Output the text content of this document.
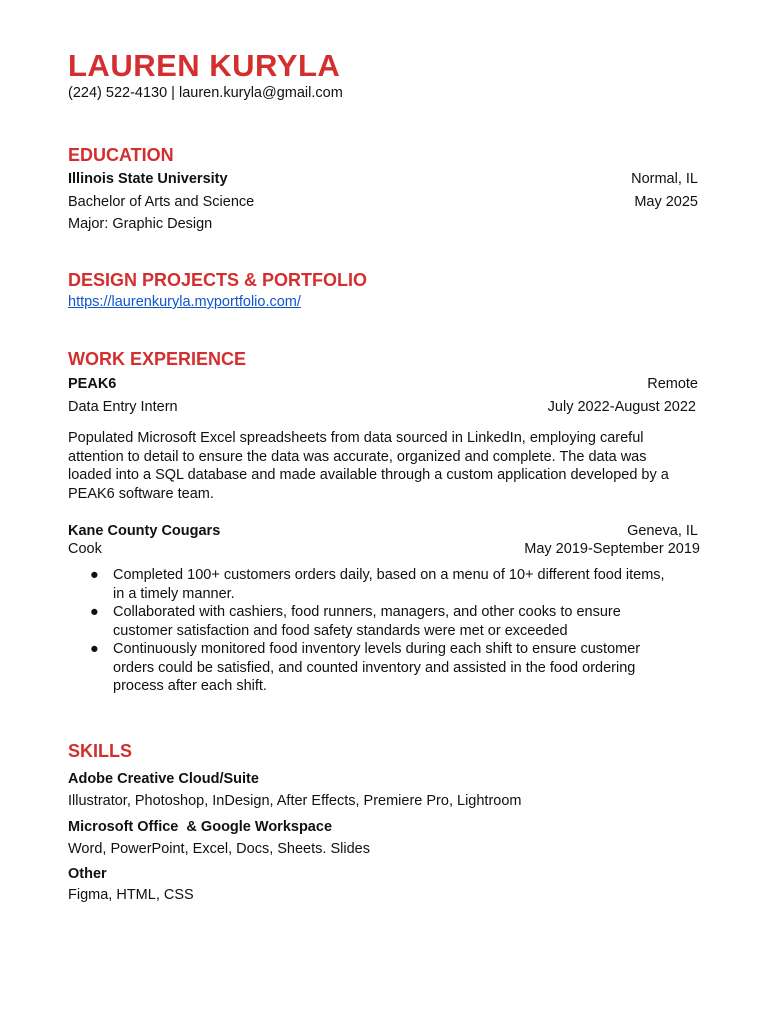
LAUREN KURYLA
(224) 522-4130 | lauren.kuryla@gmail.com
EDUCATION
Illinois State University	Normal, IL
Bachelor of Arts and Science	May 2025
Major: Graphic Design
DESIGN PROJECTS & PORTFOLIO
https://laurenkuryla.myportfolio.com/
WORK EXPERIENCE
PEAK6	Remote
Data Entry Intern	July 2022-August 2022
Populated Microsoft Excel spreadsheets from data sourced in LinkedIn, employing careful
attention to detail to ensure the data was accurate, organized and complete. The data was
loaded into a SQL database and made available through a custom application developed by a
PEAK6 software team.
Kane County Cougars	Geneva, IL
Cook	May 2019-September 2019
● Completed 100+ customers orders daily, based on a menu of 10+ different food items,
in a timely manner.
● Collaborated with cashiers, food runners, managers, and other cooks to ensure
customer satisfaction and food safety standards were met or exceeded
● Continuously monitored food inventory levels during each shift to ensure customer
orders could be satisfied, and counted inventory and assisted in the food ordering
process after each shift.
SKILLS
Adobe Creative Cloud/Suite
Illustrator, Photoshop, InDesign, After Effects, Premiere Pro, Lightroom
Microsoft Office  & Google Workspace
Word, PowerPoint, Excel, Docs, Sheets. Slides
Other
Figma, HTML, CSS
